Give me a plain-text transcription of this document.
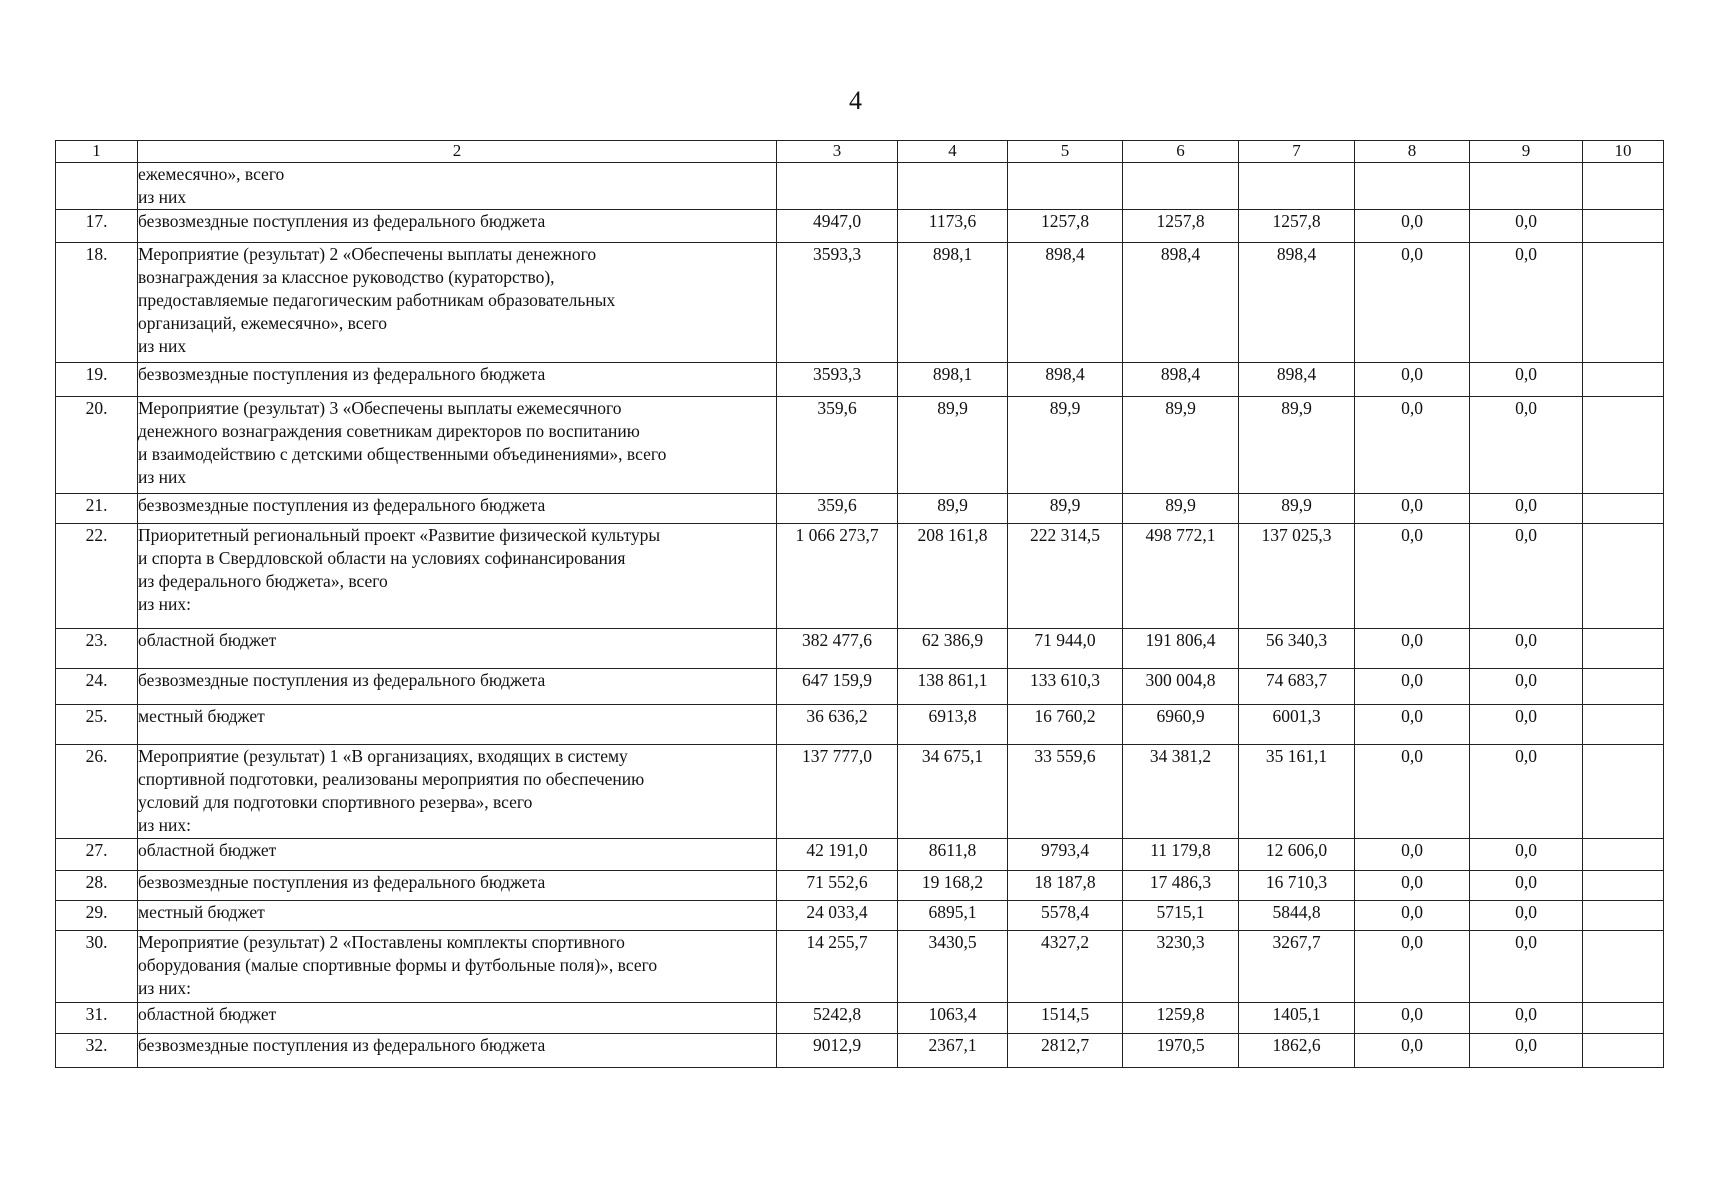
4
1	2	3	4	5	6	7	8	9	10

	ежемесячно», всего
из них								

17.	безвозмездные поступления из федерального бюджета	4947,0	1173,6	1257,8	1257,8	1257,8	0,0	0,0	
18.	Мероприятие (результат) 2 «Обеспечены выплаты денежного
вознаграждения за классное руководство (кураторство),
предоставляемые педагогическим работникам образовательных
организаций, ежемесячно», всего
из них	3593,3	898,1	898,4	898,4	898,4	0,0	0,0	
19.	безвозмездные поступления из федерального бюджета	3593,3	898,1	898,4	898,4	898,4	0,0	0,0	
20.	Мероприятие (результат) 3 «Обеспечены выплаты ежемесячного
денежного вознаграждения советникам директоров по воспитанию
и взаимодействию с детскими общественными объединениями», всего
из них	359,6	89,9	89,9	89,9	89,9	0,0	0,0	
21.	безвозмездные поступления из федерального бюджета	359,6	89,9	89,9	89,9	89,9	0,0	0,0	
22.	Приоритетный региональный проект «Развитие физической культуры
и спорта в Свердловской области на условиях софинансирования
из федерального бюджета», всего
из них:	1 066 273,7	208 161,8	222 314,5	498 772,1	137 025,3	0,0	0,0	
23.	областной бюджет	382 477,6	62 386,9	71 944,0	191 806,4	56 340,3	0,0	0,0	
24.	безвозмездные поступления из федерального бюджета	647 159,9	138 861,1	133 610,3	300 004,8	74 683,7	0,0	0,0	
25.	местный бюджет	36 636,2	6913,8	16 760,2	6960,9	6001,3	0,0	0,0	
26.	Мероприятие (результат) 1 «В организациях, входящих в систему
спортивной подготовки, реализованы мероприятия по обеспечению
условий для подготовки спортивного резерва», всего
из них:	137 777,0	34 675,1	33 559,6	34 381,2	35 161,1	0,0	0,0	
27.	областной бюджет	42 191,0	8611,8	9793,4	11 179,8	12 606,0	0,0	0,0	
28.	безвозмездные поступления из федерального бюджета	71 552,6	19 168,2	18 187,8	17 486,3	16 710,3	0,0	0,0	
29.	местный бюджет	24 033,4	6895,1	5578,4	5715,1	5844,8	0,0	0,0	
30.	Мероприятие (результат) 2 «Поставлены комплекты спортивного
оборудования (малые спортивные формы и футбольные поля)», всего
из них:	14 255,7	3430,5	4327,2	3230,3	3267,7	0,0	0,0	
31.	областной бюджет	5242,8	1063,4	1514,5	1259,8	1405,1	0,0	0,0	
32.	безвозмездные поступления из федерального бюджета	9012,9	2367,1	2812,7	1970,5	1862,6	0,0	0,0	
